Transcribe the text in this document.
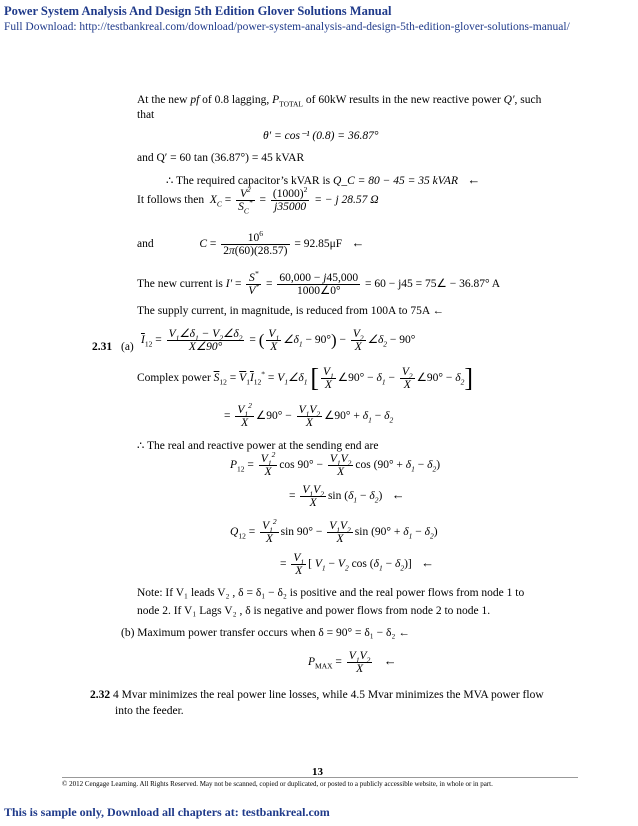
Power System Analysis And Design 5th Edition Glover Solutions Manual
Full Download: http://testbankreal.com/download/power-system-analysis-and-design-5th-edition-glover-solutions-manual/
At the new pf of 0.8 lagging, $P_{TOTAL}$ of 60kW results in the new reactive power Q′, such
that
θ′ = cos⁻¹ (0.8) = 36.87°
and Q′ = 60 tan (36.87°) = 45 kVAR
∴ The required capacitor’s kVAR is Q_C = 80 − 45 = 35 kVAR   ←
It follows then $X_C = \frac{V^2}{S_C^*} = \frac{(1000)^2}{j35000}$ = − j 28.57 Ω
and	$C = \frac{10^6}{2\pi(60)(28.57)} = 92.85\mu F$   ←
The new current is $I' = \frac{S^*}{V^*} = \frac{60,000 - j45,000}{1000\angle 0^\circ} = 60 - j45$ = 75∠ − 36.87° A
The supply current, in magnitude, is reduced from 100A to 75A ←
2.31 (a)
$\overline{I}_{12} = \frac{V_1\angle\delta_1 - V_2\angle\delta_2}{X\angle 90^\circ}$ = ( $\frac{V_1}{X}$ $\angle\delta_1 - 90^\circ) - \frac{V_2}{X}$ $\angle\delta_2 - 90^\circ$
Complex power $\overline{S}_{12} = \overline{V}_1\overline{I}_{12}^*$ = $V_1\angle\delta_1$ [ $\frac{V_1}{X}$ ∠90° − $\delta_1 - \frac{V_2}{X}$ ∠90° − $\delta_2$]
= $\frac{V_1^2}{X}$ ∠90° − $\frac{V_1V_2}{X}$ ∠90° + $\delta_1 - \delta_2$
∴ The real and reactive power at the sending end are
$P_{12} = \frac{V_1^2}{X}$ $\cos 90^\circ - \frac{V_1V_2}{X}$ $\cos (90^\circ + \delta_1 - \delta_2)$
= $\frac{V_1V_2}{X}$ $\sin (\delta_1 - \delta_2)$   ←
$Q_{12} = \frac{V_1^2}{X}$ $\sin 90^\circ - \frac{V_1V_2}{X}$ $\sin (90^\circ + \delta_1 - \delta_2)$
= $\frac{V_1}{X}$ [ $V_1 - V_2$ $\cos (\delta_1 - \delta_2)$]   ←
Note: If V₁ leads V₂ , δ = δ₁ − δ₂ is positive and the real power flows from node 1 to
node 2. If V₁ Lags V₂ , δ is negative and power flows from node 2 to node 1.
(b) Maximum power transfer occurs when δ = 90° = δ₁ − δ₂ ←
$P_{MAX} = \frac{V_1V_2}{X}$ ←
2.32 4 Mvar minimizes the real power line losses, while 4.5 Mvar minimizes the MVA power flow
into the feeder.
13
© 2012 Cengage Learning. All Rights Reserved. May not be scanned, copied or duplicated, or posted to a publicly accessible website, in whole or in part.
This is sample only, Download all chapters at: testbankreal.com
